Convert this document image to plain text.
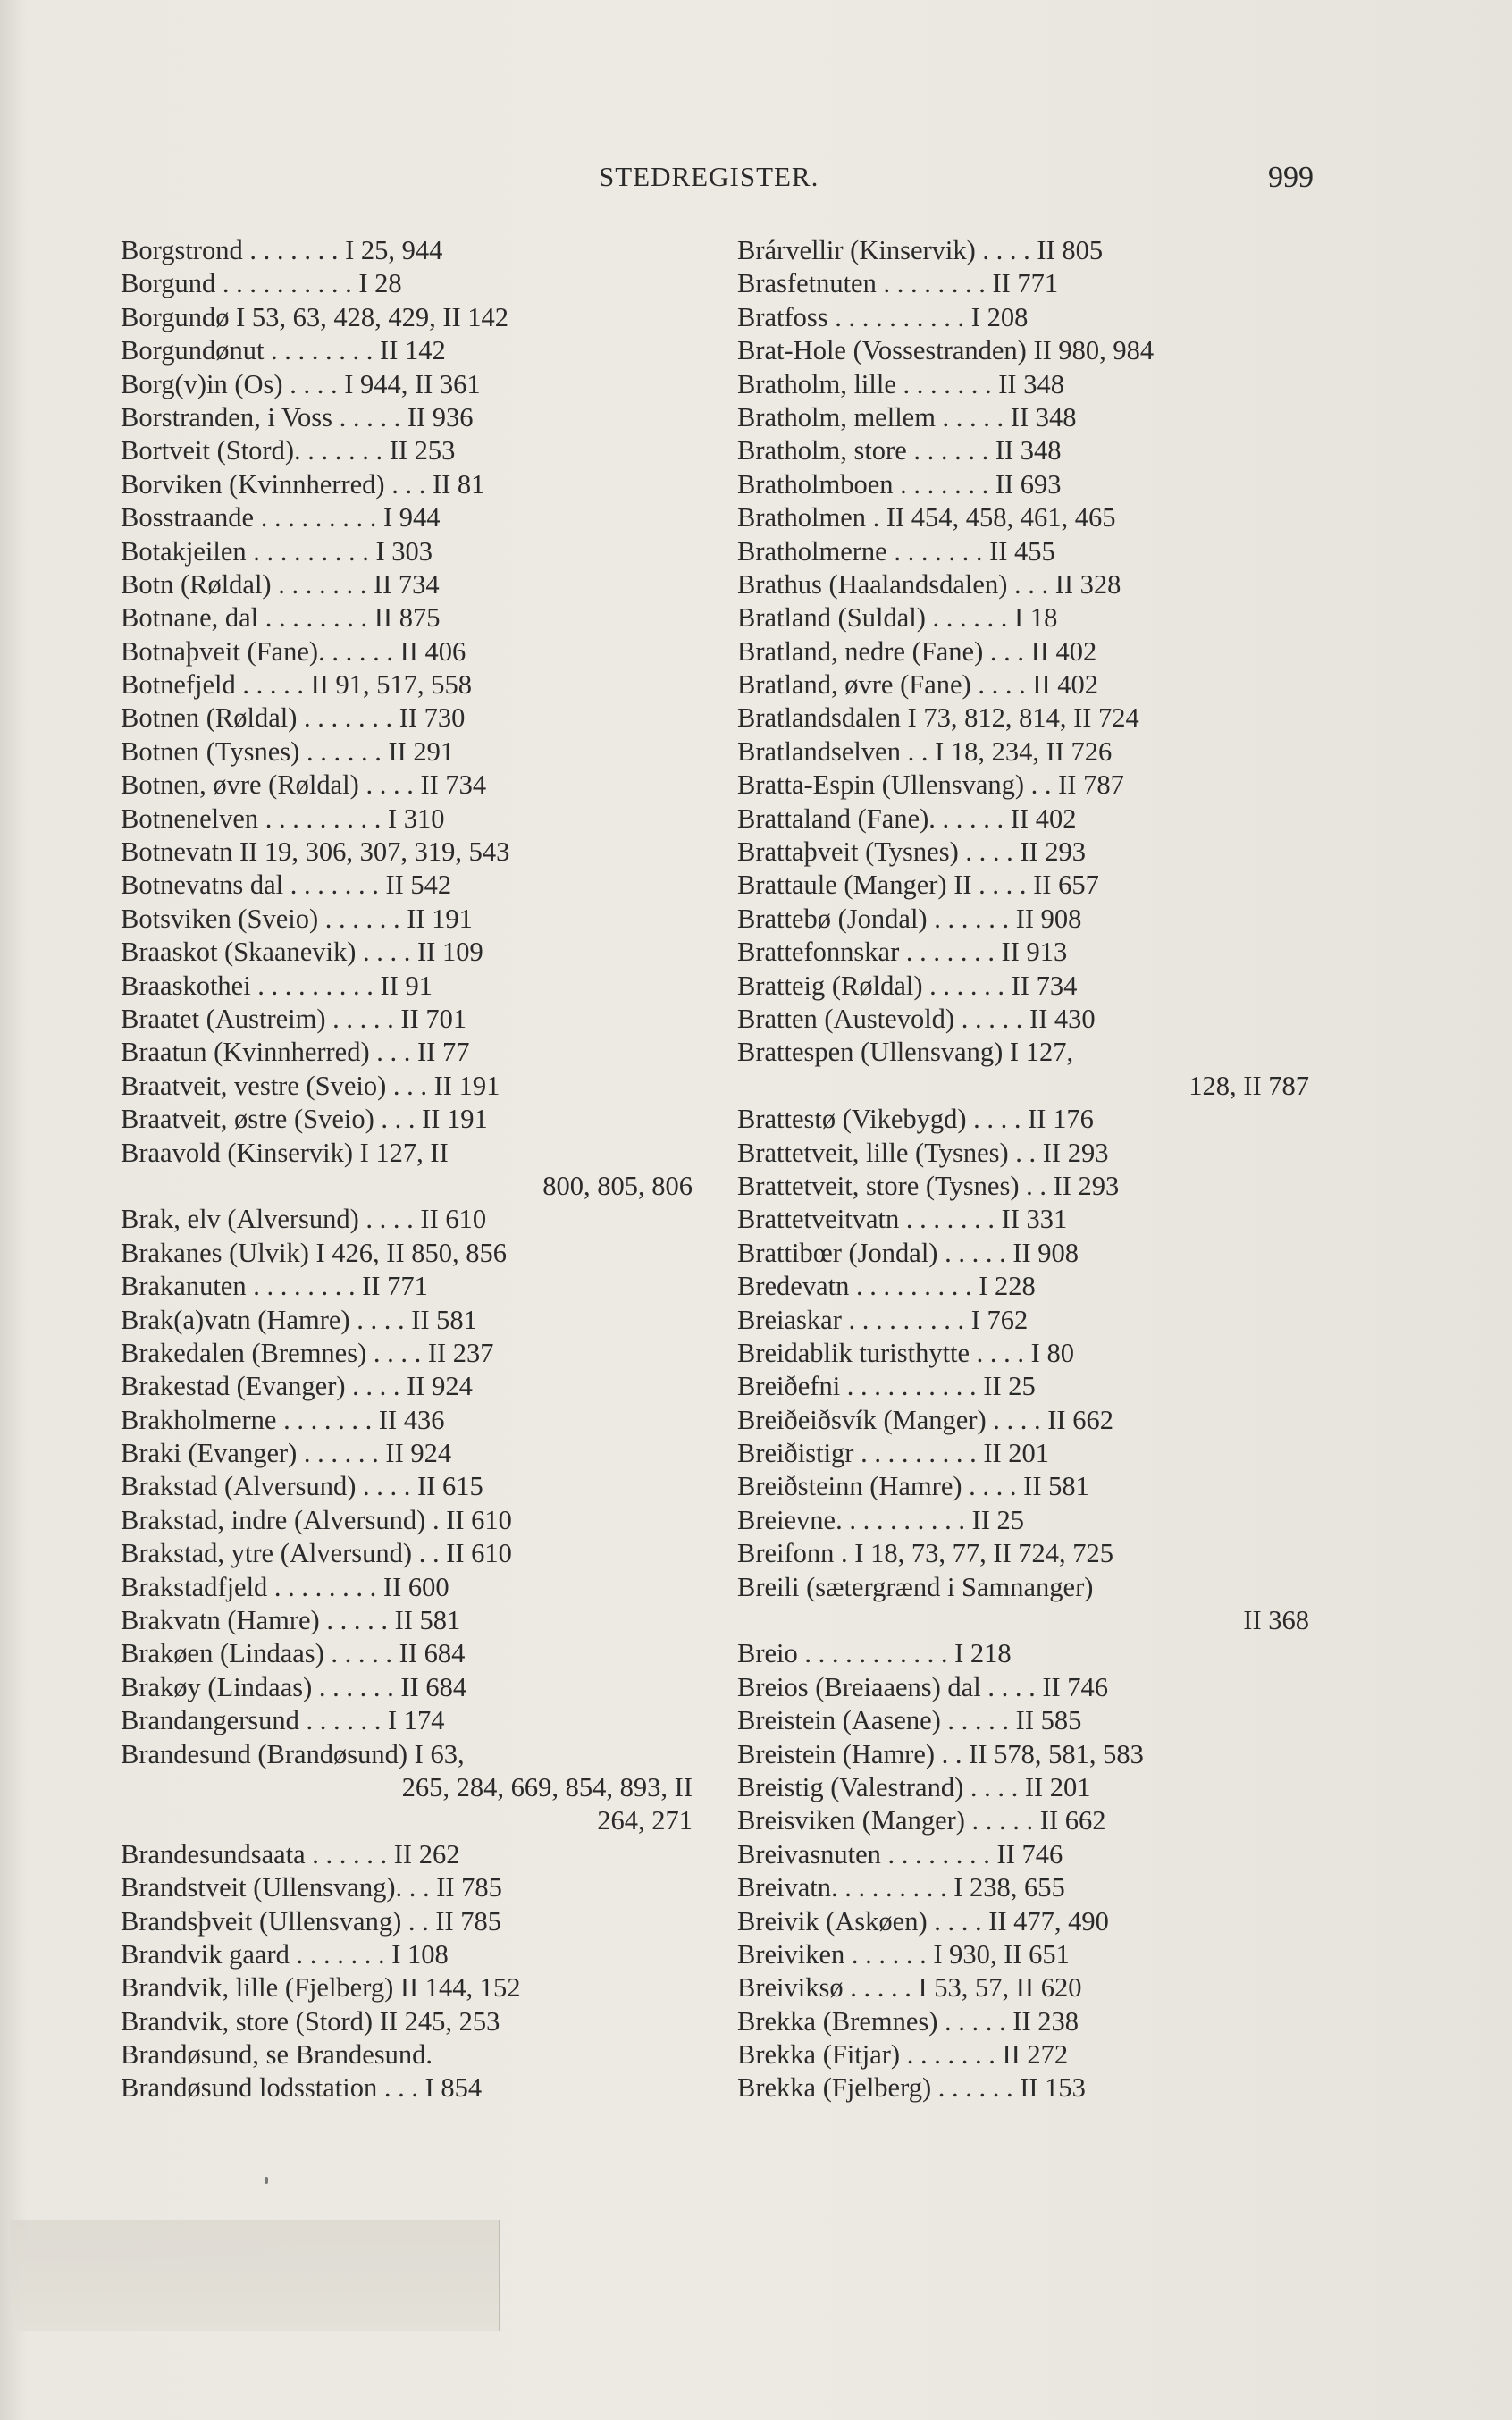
STEDREGISTER.	999
Borgstrond . . . . . . . I 25, 944
Borgund . . . . . . . . . . I 28
Borgundø I 53, 63, 428, 429, II 142
Borgundønut . . . . . . . . II 142
Borg(v)in (Os) . . . . I 944, II 361
Borstranden, i Voss . . . . . II 936
Bortveit (Stord). . . . . . . II 253
Borviken (Kvinnherred) . . . II 81
Bosstraande . . . . . . . . . I 944
Botakjeilen . . . . . . . . . I 303
Botn (Røldal) . . . . . . . II 734
Botnane, dal . . . . . . . . II 875
Botnaþveit (Fane). . . . . . II 406
Botnefjeld . . . . . II 91, 517, 558
Botnen (Røldal) . . . . . . . II 730
Botnen (Tysnes) . . . . . . II 291
Botnen, øvre (Røldal) . . . . II 734
Botnenelven . . . . . . . . . I 310
Botnevatn II 19, 306, 307, 319, 543
Botnevatns dal . . . . . . . II 542
Botsviken (Sveio) . . . . . . II 191
Braaskot (Skaanevik) . . . . II 109
Braaskothei . . . . . . . . . II 91
Braatet (Austreim) . . . . . II 701
Braatun (Kvinnherred) . . . II 77
Braatveit, vestre (Sveio) . . . II 191
Braatveit, østre (Sveio) . . . II 191
Braavold (Kinservik) I 127, II
800, 805, 806
Brak, elv (Alversund) . . . . II 610
Brakanes (Ulvik) I 426, II 850, 856
Brakanuten . . . . . . . . II 771
Brak(a)vatn (Hamre) . . . . II 581
Brakedalen (Bremnes) . . . . II 237
Brakestad (Evanger) . . . . II 924
Brakholmerne . . . . . . . II 436
Braki (Evanger) . . . . . . II 924
Brakstad (Alversund) . . . . II 615
Brakstad, indre (Alversund) . II 610
Brakstad, ytre (Alversund) . . II 610
Brakstadfjeld . . . . . . . . II 600
Brakvatn (Hamre) . . . . . II 581
Brakøen (Lindaas) . . . . . II 684
Brakøy (Lindaas) . . . . . . II 684
Brandangersund . . . . . . I 174
Brandesund (Brandøsund) I 63,
265, 284, 669, 854, 893, II
264, 271
Brandesundsaata . . . . . . II 262
Brandstveit (Ullensvang). . . II 785
Brandsþveit (Ullensvang) . . II 785
Brandvik gaard . . . . . . . I 108
Brandvik, lille (Fjelberg) II 144, 152
Brandvik, store (Stord) II 245, 253
Brandøsund, se Brandesund.
Brandøsund lodsstation . . . I 854
Brárvellir (Kinservik) . . . . II 805
Brasfetnuten . . . . . . . . II 771
Bratfoss . . . . . . . . . . I 208
Brat-Hole (Vossestranden) II 980, 984
Bratholm, lille . . . . . . . II 348
Bratholm, mellem . . . . . II 348
Bratholm, store . . . . . . II 348
Bratholmboen . . . . . . . II 693
Bratholmen . II 454, 458, 461, 465
Bratholmerne . . . . . . . II 455
Brathus (Haalandsdalen) . . . II 328
Bratland (Suldal) . . . . . . I 18
Bratland, nedre (Fane) . . . II 402
Bratland, øvre (Fane) . . . . II 402
Bratlandsdalen I 73, 812, 814, II 724
Bratlandselven . . I 18, 234, II 726
Bratta-Espin (Ullensvang) . . II 787
Brattaland (Fane). . . . . . II 402
Brattaþveit (Tysnes) . . . . II 293
Brattaule (Manger) II . . . . II 657
Brattebø (Jondal) . . . . . . II 908
Brattefonnskar . . . . . . . II 913
Bratteig (Røldal) . . . . . . II 734
Bratten (Austevold) . . . . . II 430
Brattespen (Ullensvang) I 127,
128, II 787
Brattestø (Vikebygd) . . . . II 176
Brattetveit, lille (Tysnes) . . II 293
Brattetveit, store (Tysnes) . . II 293
Brattetveitvatn . . . . . . . II 331
Brattibœr (Jondal) . . . . . II 908
Bredevatn . . . . . . . . . I 228
Breiaskar . . . . . . . . . I 762
Breidablik turisthytte . . . . I 80
Breiðefni . . . . . . . . . . II 25
Breiðeiðsvík (Manger) . . . . II 662
Breiðistigr . . . . . . . . . II 201
Breiðsteinn (Hamre) . . . . II 581
Breievne. . . . . . . . . . II 25
Breifonn . I 18, 73, 77, II 724, 725
Breili (sætergrænd i Samnanger)
II 368
Breio . . . . . . . . . . . I 218
Breios (Breiaaens) dal . . . . II 746
Breistein (Aasene) . . . . . II 585
Breistein (Hamre) . . II 578, 581, 583
Breistig (Valestrand) . . . . II 201
Breisviken (Manger) . . . . . II 662
Breivasnuten . . . . . . . . II 746
Breivatn. . . . . . . . . I 238, 655
Breivik (Askøen) . . . . II 477, 490
Breiviken . . . . . . I 930, II 651
Breiviksø . . . . . I 53, 57, II 620
Brekka (Bremnes) . . . . . II 238
Brekka (Fitjar) . . . . . . . II 272
Brekka (Fjelberg) . . . . . . II 153
